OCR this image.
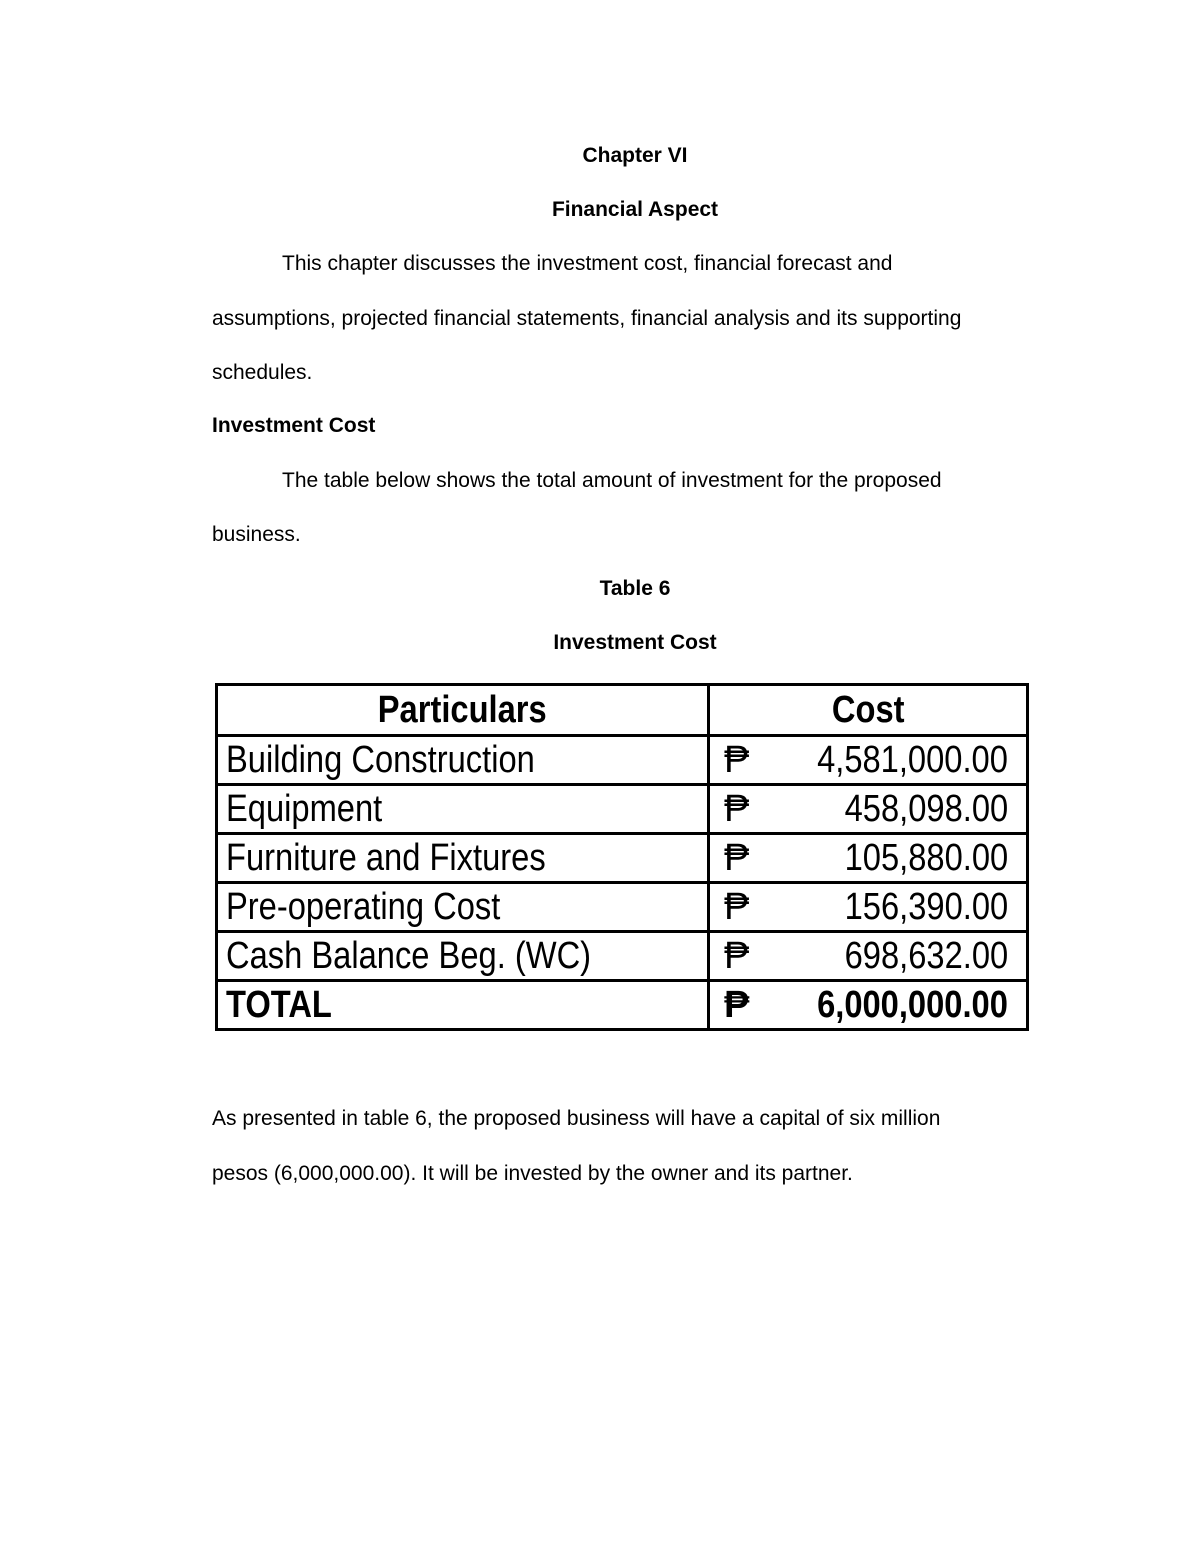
Chapter VI
Financial Aspect
This chapter discusses the investment cost, financial forecast and
assumptions, projected financial statements, financial analysis and its supporting
schedules.
Investment Cost
The table below shows the total amount of investment for the proposed
business.
Table 6
Investment Cost
Particulars	Cost
Building Construction	₱ 4,581,000.00

Equipment	₱ 458,098.00

Furniture and Fixtures	₱ 105,880.00

Pre-operating Cost	₱ 156,390.00

Cash Balance Beg. (WC)	₱ 698,632.00

TOTAL	₱ 6,000,000.00
As presented in table 6, the proposed business will have a capital of six million
pesos (6,000,000.00). It will be invested by the owner and its partner.
